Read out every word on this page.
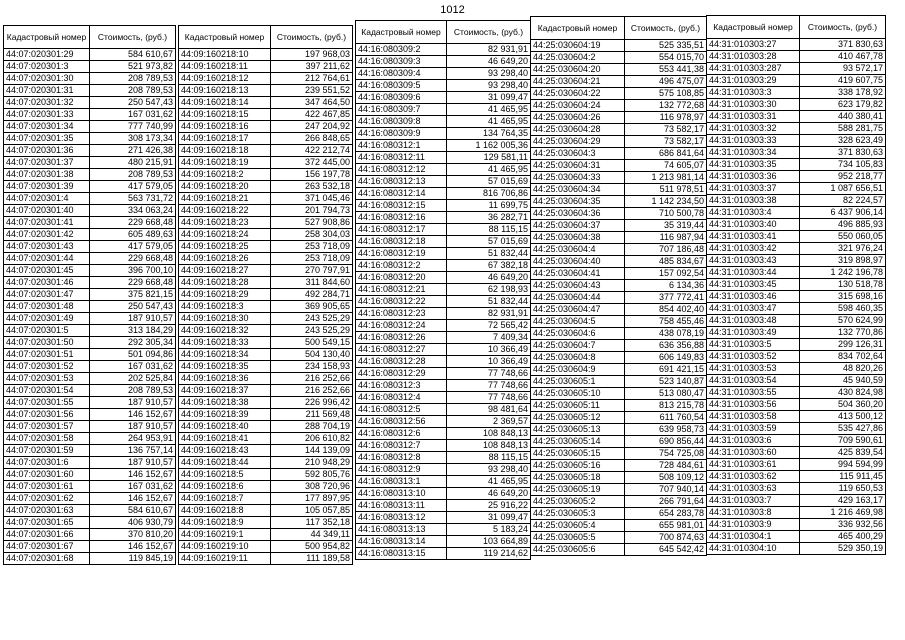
1012
Кадастровый номер	Стоимость, (руб.)
44:07:020301:29	584 610,67
44:07:020301:3	521 973,82
44:07:020301:30	208 789,53
44:07:020301:31	208 789,53
44:07:020301:32	250 547,43
44:07:020301:33	167 031,62
44:07:020301:34	777 740,99
44:07:020301:35	308 173,34
44:07:020301:36	271 426,38
44:07:020301:37	480 215,91
44:07:020301:38	208 789,53
44:07:020301:39	417 579,05
44:07:020301:4	563 731,72
44:07:020301:40	334 063,24
44:07:020301:41	229 668,48
44:07:020301:42	605 489,63
44:07:020301:43	417 579,05
44:07:020301:44	229 668,48
44:07:020301:45	396 700,10
44:07:020301:46	229 668,48
44:07:020301:47	375 821,15
44:07:020301:48	250 547,43
44:07:020301:49	187 910,57
44:07:020301:5	313 184,29
44:07:020301:50	292 305,34
44:07:020301:51	501 094,86
44:07:020301:52	167 031,62
44:07:020301:53	202 525,84
44:07:020301:54	208 789,53
44:07:020301:55	187 910,57
44:07:020301:56	146 152,67
44:07:020301:57	187 910,57
44:07:020301:58	264 953,91
44:07:020301:59	136 757,14
44:07:020301:6	187 910,57
44:07:020301:60	146 152,67
44:07:020301:61	167 031,62
44:07:020301:62	146 152,67
44:07:020301:63	584 610,67
44:07:020301:65	406 930,79
44:07:020301:66	370 810,20
44:07:020301:67	146 152,67
44:07:020301:68	119 845,19
Кадастровый номер	Стоимость, (руб.)
44:09:160218:10	197 968,03
44:09:160218:11	397 211,62
44:09:160218:12	212 764,61
44:09:160218:13	239 551,52
44:09:160218:14	347 464,50
44:09:160218:15	422 467,85
44:09:160218:16	247 204,92
44:09:160218:17	266 848,65
44:09:160218:18	422 212,74
44:09:160218:19	372 445,00
44:09:160218:2	156 197,78
44:09:160218:20	263 532,18
44:09:160218:21	371 045,46
44:09:160218:22	201 794,73
44:09:160218:23	527 908,86
44:09:160218:24	258 304,03
44:09:160218:25	253 718,09
44:09:160218:26	253 718,09
44:09:160218:27	270 797,91
44:09:160218:28	311 844,60
44:09:160218:29	492 284,71
44:09:160218:3	369 905,65
44:09:160218:30	243 525,29
44:09:160218:32	243 525,29
44:09:160218:33	500 549,15
44:09:160218:34	504 130,40
44:09:160218:35	234 158,93
44:09:160218:36	216 252,66
44:09:160218:37	216 252,66
44:09:160218:38	226 996,42
44:09:160218:39	211 569,48
44:09:160218:40	288 704,19
44:09:160218:41	206 610,82
44:09:160218:43	144 139,09
44:09:160218:44	210 948,29
44:09:160218:5	592 805,76
44:09:160218:6	308 720,96
44:09:160218:7	177 897,95
44:09:160218:8	105 057,85
44:09:160218:9	117 352,18
44:09:160219:1	44 349,11
44:09:160219:10	500 954,82
44:09:160219:11	111 189,58
Кадастровый номер	Стоимость, (руб.)
44:16:080309:2	82 931,91
44:16:080309:3	46 649,20
44:16:080309:4	93 298,40
44:16:080309:5	93 298,40
44:16:080309:6	31 099,47
44:16:080309:7	41 465,95
44:16:080309:8	41 465,95
44:16:080309:9	134 764,35
44:16:080312:1	1 162 005,36
44:16:080312:11	129 581,11
44:16:080312:12	41 465,95
44:16:080312:13	57 015,69
44:16:080312:14	816 706,86
44:16:080312:15	11 699,75
44:16:080312:16	36 282,71
44:16:080312:17	88 115,15
44:16:080312:18	57 015,69
44:16:080312:19	51 832,44
44:16:080312:2	67 382,18
44:16:080312:20	46 649,20
44:16:080312:21	62 198,93
44:16:080312:22	51 832,44
44:16:080312:23	82 931,91
44:16:080312:24	72 565,42
44:16:080312:26	7 409,34
44:16:080312:27	10 366,49
44:16:080312:28	10 366,49
44:16:080312:29	77 748,66
44:16:080312:3	77 748,66
44:16:080312:4	77 748,66
44:16:080312:5	98 481,64
44:16:080312:56	2 369,57
44:16:080312:6	108 848,13
44:16:080312:7	108 848,13
44:16:080312:8	88 115,15
44:16:080312:9	93 298,40
44:16:080313:1	41 465,95
44:16:080313:10	46 649,20
44:16:080313:11	25 916,22
44:16:080313:12	31 099,47
44:16:080313:13	5 183,24
44:16:080313:14	103 664,89
44:16:080313:15	119 214,62
Кадастровый номер	Стоимость, (руб.)
44:25:030604:19	525 335,51
44:25:030604:2	554 015,70
44:25:030604:20	553 441,38
44:25:030604:21	496 475,07
44:25:030604:22	575 108,85
44:25:030604:24	132 772,68
44:25:030604:26	116 978,97
44:25:030604:28	73 582,17
44:25:030604:29	73 582,17
44:25:030604:3	686 841,64
44:25:030604:31	74 605,07
44:25:030604:33	1 213 981,14
44:25:030604:34	511 978,51
44:25:030604:35	1 142 234,50
44:25:030604:36	710 500,78
44:25:030604:37	35 319,44
44:25:030604:38	116 987,94
44:25:030604:4	707 186,48
44:25:030604:40	485 834,67
44:25:030604:41	157 092,54
44:25:030604:43	6 134,36
44:25:030604:44	377 772,41
44:25:030604:47	854 402,40
44:25:030604:5	758 455,46
44:25:030604:6	438 078,19
44:25:030604:7	636 356,88
44:25:030604:8	606 149,83
44:25:030604:9	691 421,15
44:25:030605:1	523 140,87
44:25:030605:10	513 080,47
44:25:030605:11	813 215,78
44:25:030605:12	611 760,54
44:25:030605:13	639 958,73
44:25:030605:14	690 856,44
44:25:030605:15	754 725,08
44:25:030605:16	728 484,61
44:25:030605:18	508 109,12
44:25:030605:19	707 940,14
44:25:030605:2	266 791,64
44:25:030605:3	654 283,78
44:25:030605:4	655 981,01
44:25:030605:5	700 874,63
44:25:030605:6	645 542,42
Кадастровый номер	Стоимость, (руб.)
44:31:010303:27	371 830,63
44:31:010303:28	410 467,78
44:31:010303:287	93 572,17
44:31:010303:29	419 607,75
44:31:010303:3	338 178,92
44:31:010303:30	623 179,82
44:31:010303:31	440 380,41
44:31:010303:32	588 281,75
44:31:010303:33	328 623,49
44:31:010303:34	371 830,63
44:31:010303:35	734 105,83
44:31:010303:36	952 218,77
44:31:010303:37	1 087 656,51
44:31:010303:38	82 224,57
44:31:010303:4	6 437 906,14
44:31:010303:40	496 885,93
44:31:010303:41	550 060,05
44:31:010303:42	321 976,24
44:31:010303:43	319 898,97
44:31:010303:44	1 242 196,78
44:31:010303:45	130 518,78
44:31:010303:46	315 698,16
44:31:010303:47	598 460,35
44:31:010303:48	570 624,99
44:31:010303:49	132 770,86
44:31:010303:5	299 126,31
44:31:010303:52	834 702,64
44:31:010303:53	48 820,26
44:31:010303:54	45 940,59
44:31:010303:55	430 824,98
44:31:010303:56	504 360,20
44:31:010303:58	413 500,12
44:31:010303:59	535 427,86
44:31:010303:6	709 590,61
44:31:010303:60	425 839,54
44:31:010303:61	994 594,99
44:31:010303:62	115 911,45
44:31:010303:63	119 650,53
44:31:010303:7	429 163,17
44:31:010303:8	1 216 469,98
44:31:010303:9	336 932,56
44:31:010304:1	465 400,29
44:31:010304:10	529 350,19
